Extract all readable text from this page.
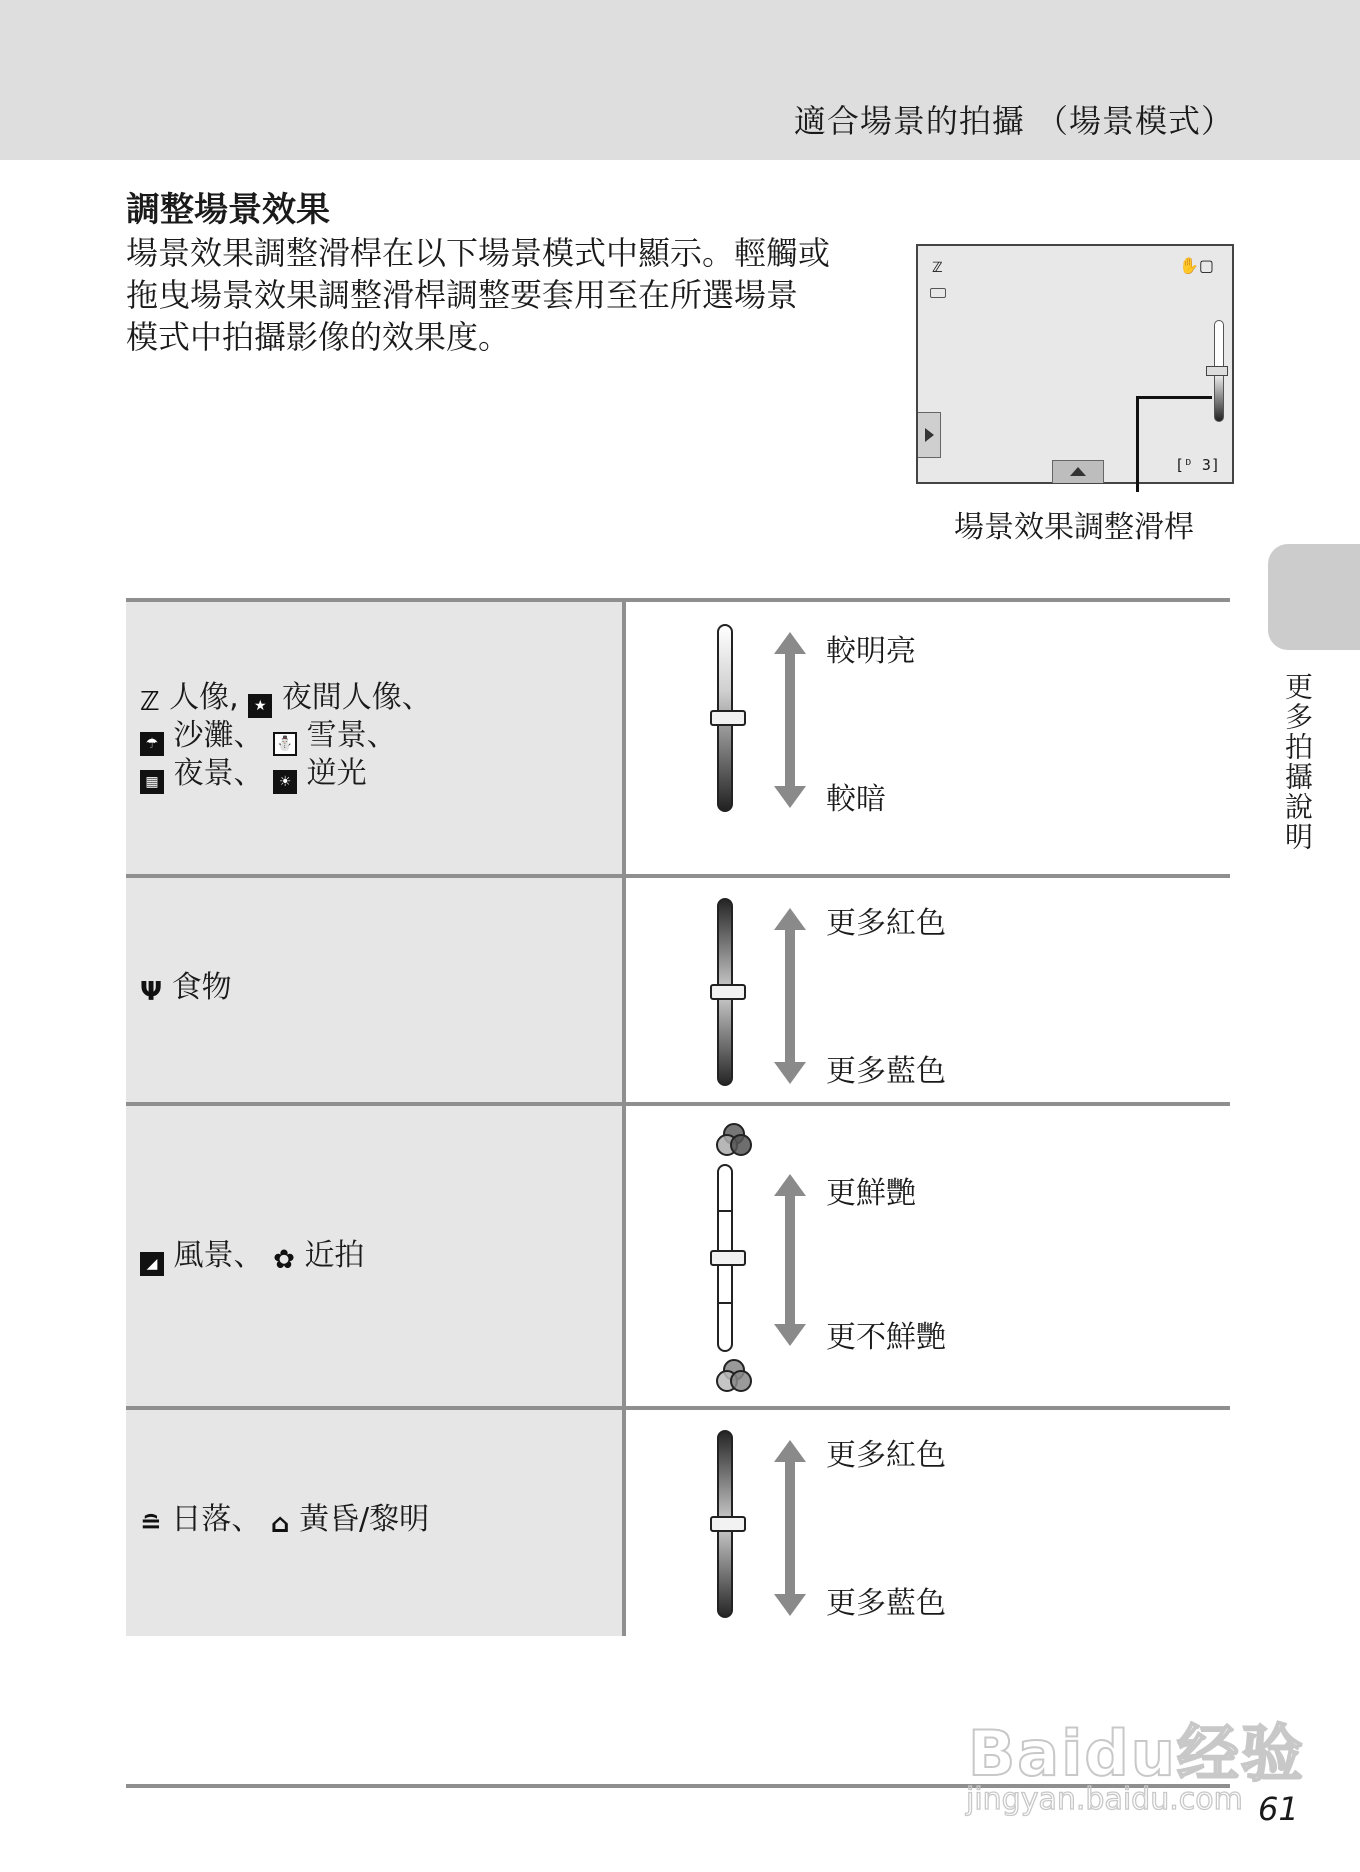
適合場景的拍攝 （場景模式）
調整場景效果
場景效果調整滑桿在以下場景模式中顯示。輕觸或
拖曳場景效果調整滑桿調整要套用至在所選場景
模式中拍攝影像的效果度。
ℤ	✋▢
[ᴰ 3]
場景效果調整滑桿
更多拍攝說明
ℤ 人像, ★ 夜間人像、
☂ 沙灘、 ⛄ 雪景、
▦ 夜景、 ☀ 逆光
較明亮
較暗
Ψ 食物
更多紅色
更多藍色
◢ 風景、 ✿ 近拍
更鮮艷
更不鮮艷
≘ 日落、 ⌂ 黃昏/黎明
更多紅色
更多藍色
Baidu经验
jingyan.baidu.com 61
